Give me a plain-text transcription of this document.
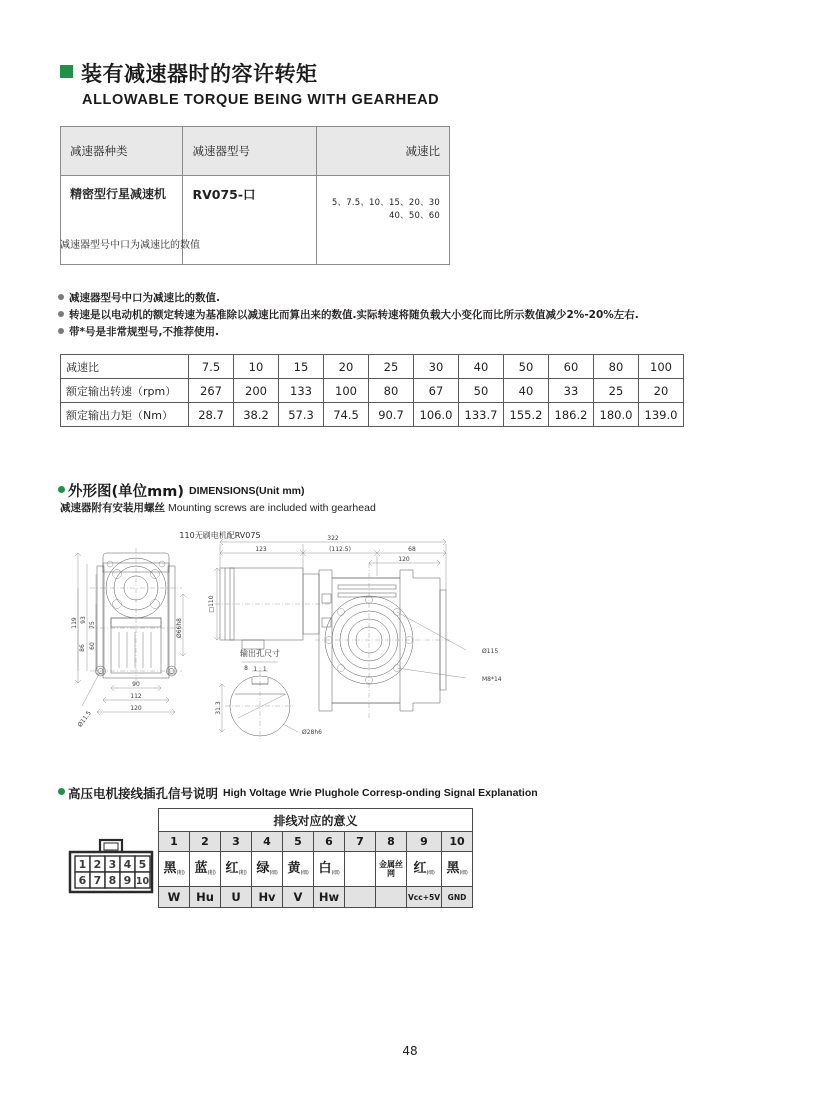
装有减速器时的容许转矩
ALLOWABLE TORQUE BEING WITH GEARHEAD
减速器种类	减速器型号	减速比
精密型行星减速机	RV075-口	5、7.5、10、15、20、30
40、50、60
减速器型号中口为减速比的数值
减速器型号中口为减速比的数值.
转速是以电动机的额定转速为基准除以减速比而算出来的数值.实际转速将随负载大小变化而比所示数值减少2%-20%左右.
带*号是非常规型号,不推荐使用.
减速比	7.5	10	15	20	25	30	40	50	60	80	100
额定输出转速（rpm）	267	200	133	100	80	67	50	40	33	25	20
额定输出力矩（Nm）	28.7	38.2	57.3	74.5	90.7	106.0	133.7	155.2	186.2	180.0	139.0
外形图(单位mm) DIMENSIONS(Unit mm)
减速器附有安装用螺丝 Mounting screws are included with gearhead
110无刷电机配RV075
119 93
75
86 60
Ø66h8
90
112
120
Ø11.5
322
123	(112.5)	68
120
□110
Ø115
M8*14
输出孔尺寸
1 : 1
8
31.3
Ø28h6
高压电机接线插孔信号说明 High Voltage Wrie Plughole Corresp-onding Signal Explanation
1 2 3 4 5
6 7 8 9 10
排线对应的意义									
1	2	3	4	5	6	7	8	9	10
黑$_{(粗)}$	蓝$_{(粗)}$	红$_{(粗)}$	绿$_{(细)}$	黄$_{(细)}$	白$_{(细)}$		金属丝网	红$_{(细)}$	黑$_{(细)}$
W	Hu	U	Hv	V	Hw			Vcc+5V	GND
48
